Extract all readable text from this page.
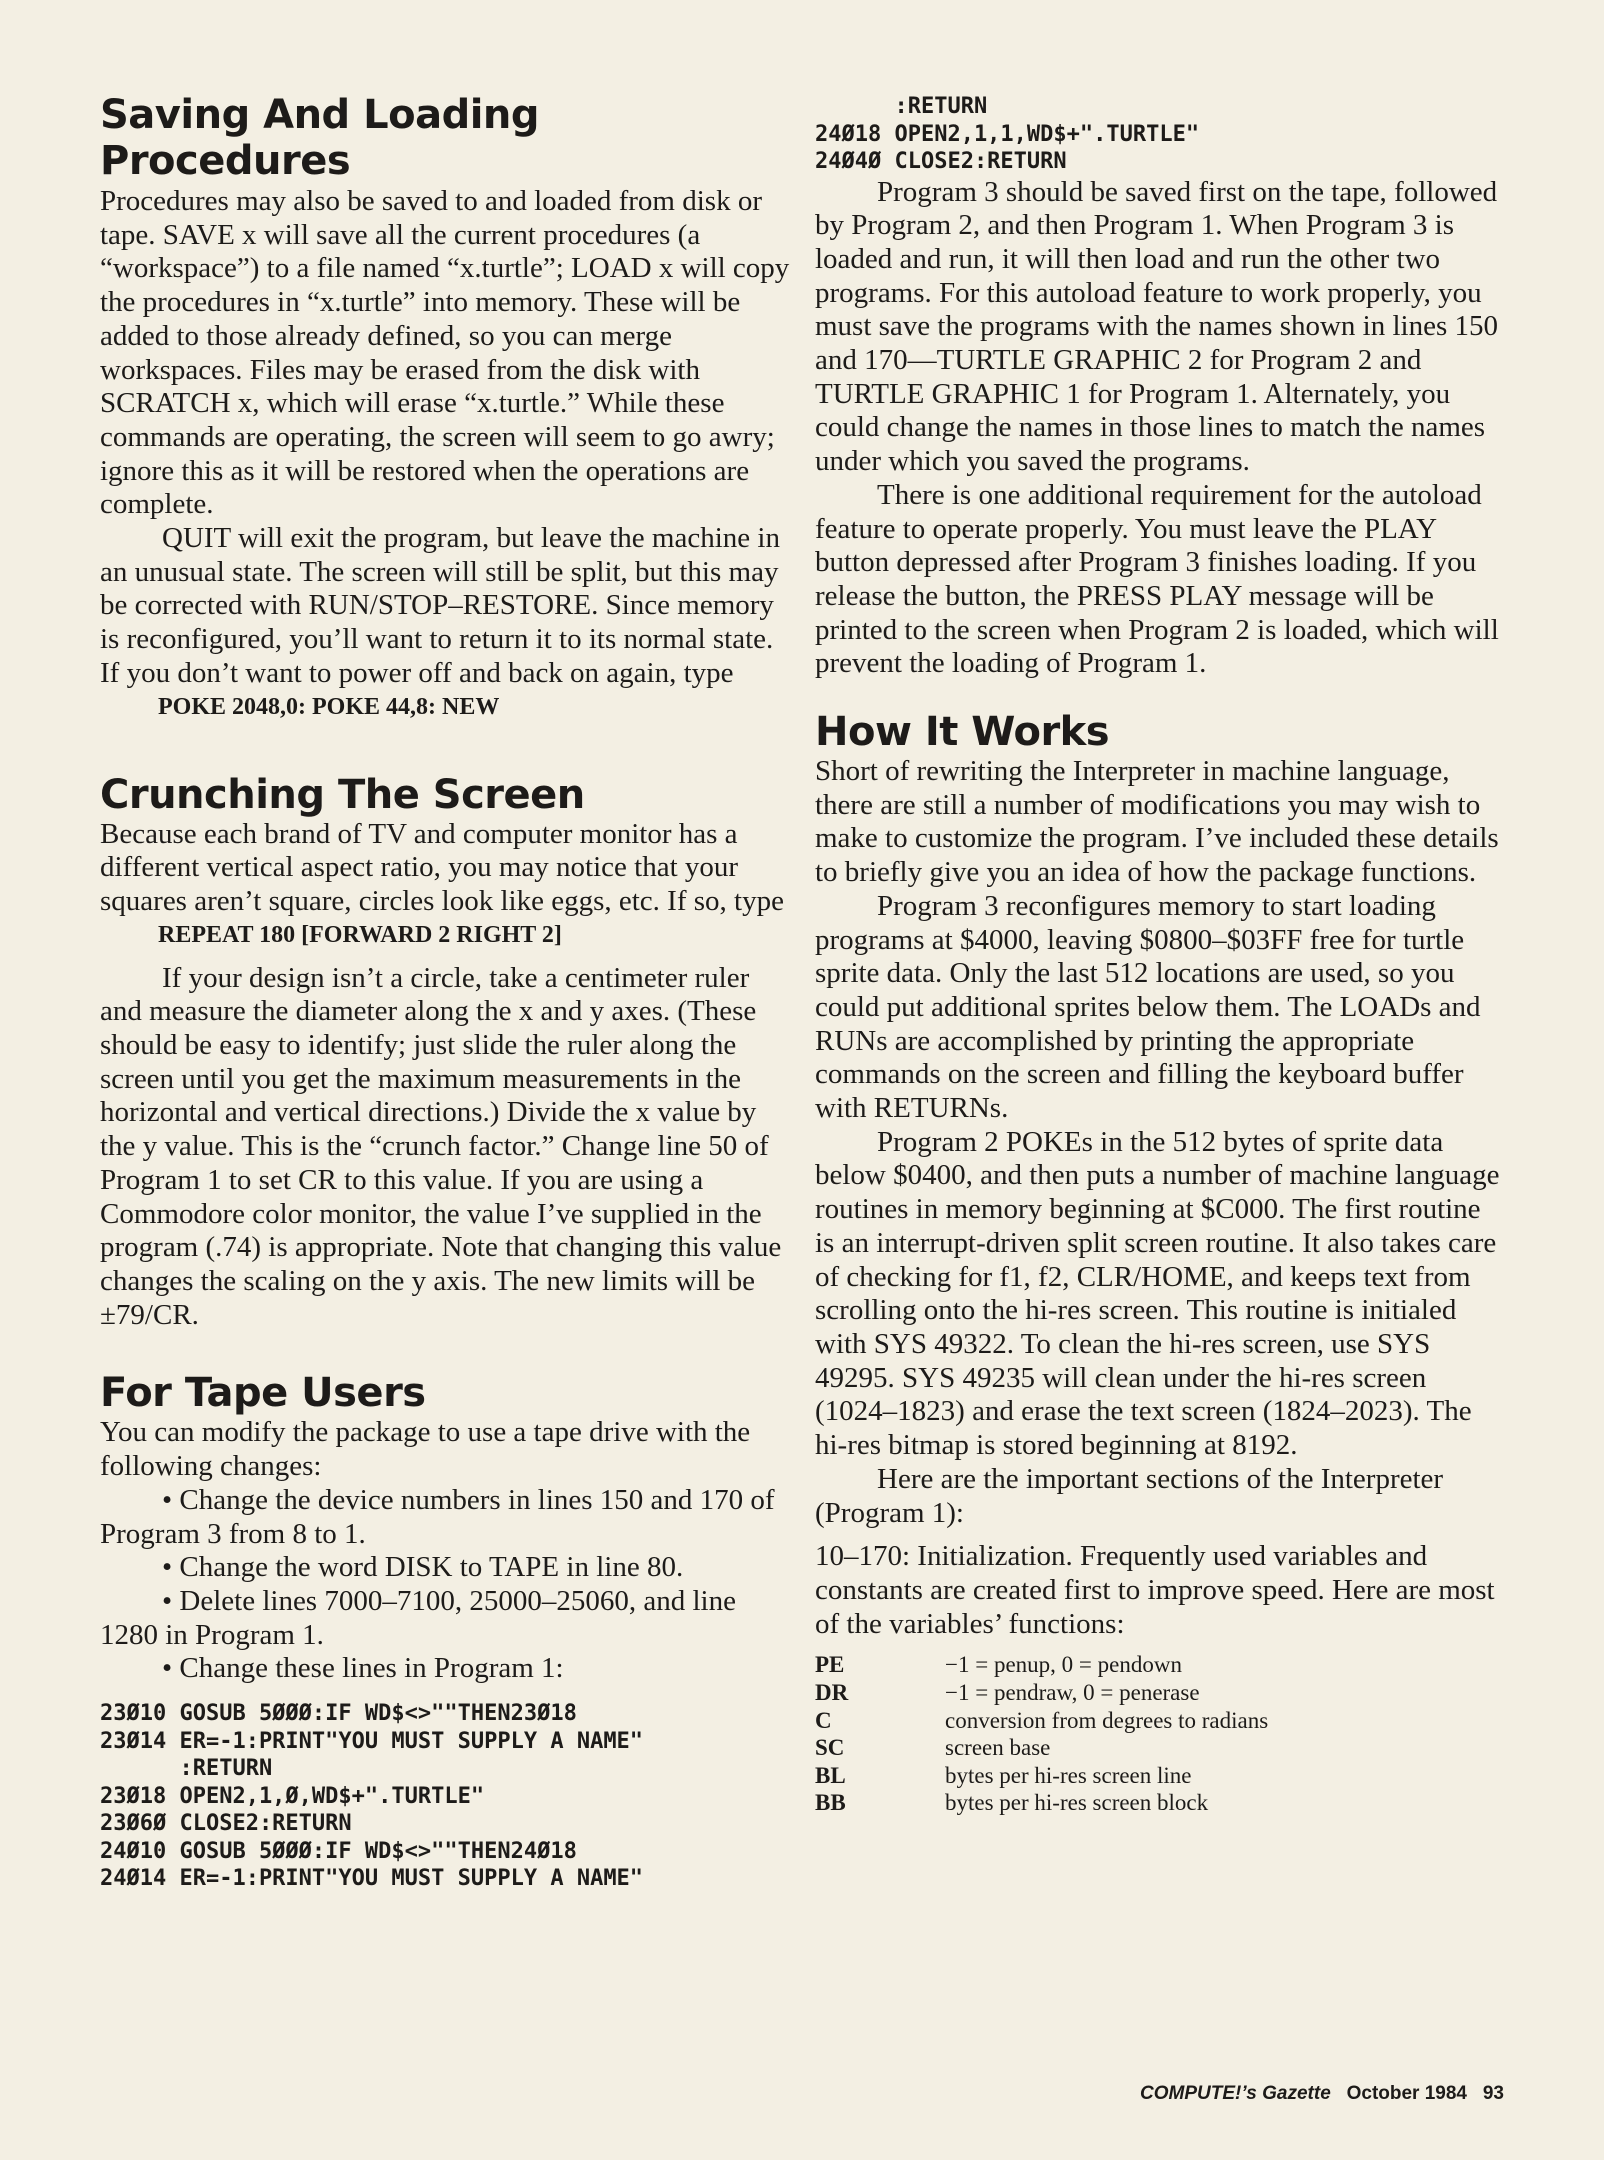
Saving And Loading Procedures

Procedures may also be saved to and loaded from disk or tape. SAVE x will save all the current procedures (a “workspace”) to a file named “x.turtle”; LOAD x will copy the procedures in “x.turtle” into memory. These will be added to those already defined, so you can merge workspaces. Files may be erased from the disk with SCRATCH x, which will erase “x.turtle.” While these commands are operating, the screen will seem to go awry; ignore this as it will be restored when the operations are complete.

QUIT will exit the program, but leave the machine in an unusual state. The screen will still be split, but this may be corrected with RUN/STOP–RESTORE. Since memory is reconfigured, you’ll want to return it to its normal state. If you don’t want to power off and back on again, type

POKE 2048,0: POKE 44,8: NEW

Crunching The Screen

Because each brand of TV and computer monitor has a different vertical aspect ratio, you may notice that your squares aren’t square, circles look like eggs, etc. If so, type

REPEAT 180 [FORWARD 2 RIGHT 2]

If your design isn’t a circle, take a centimeter ruler and measure the diameter along the x and y axes. (These should be easy to identify; just slide the ruler along the screen until you get the maximum measurements in the horizontal and vertical directions.) Divide the x value by the y value. This is the “crunch factor.” Change line 50 of Program 1 to set CR to this value. If you are using a Commodore color monitor, the value I’ve supplied in the program (.74) is appropriate. Note that changing this value changes the scaling on the y axis. The new limits will be ±79/CR.

For Tape Users

You can modify the package to use a tape drive with the following changes:

• Change the device numbers in lines 150 and 170 of Program 3 from 8 to 1.

• Change the word DISK to TAPE in line 80.

• Delete lines 7000–7100, 25000–25060, and line 1280 in Program 1.

• Change these lines in Program 1:

23Ø10 GOSUB 5ØØØ:IF WD$<>""THEN23Ø18
23Ø14 ER=-1:PRINT"YOU MUST SUPPLY A NAME"
:RETURN
23Ø18 OPEN2,1,Ø,WD$+".TURTLE"
23Ø6Ø CLOSE2:RETURN
24Ø10 GOSUB 5ØØØ:IF WD$<>""THEN24Ø18
24Ø14 ER=-1:PRINT"YOU MUST SUPPLY A NAME"
:RETURN
24Ø18 OPEN2,1,1,WD$+".TURTLE"
24Ø4Ø CLOSE2:RETURN

Program 3 should be saved first on the tape, followed by Program 2, and then Program 1. When Program 3 is loaded and run, it will then load and run the other two programs. For this autoload feature to work properly, you must save the programs with the names shown in lines 150 and 170—TURTLE GRAPHIC 2 for Program 2 and TURTLE GRAPHIC 1 for Program 1. Alternately, you could change the names in those lines to match the names under which you saved the programs.

There is one additional requirement for the autoload feature to operate properly. You must leave the PLAY button depressed after Program 3 finishes loading. If you release the button, the PRESS PLAY message will be printed to the screen when Program 2 is loaded, which will prevent the loading of Program 1.

How It Works

Short of rewriting the Interpreter in machine language, there are still a number of modifications you may wish to make to customize the program. I’ve included these details to briefly give you an idea of how the package functions.

Program 3 reconfigures memory to start loading programs at $4000, leaving $0800–$03FF free for turtle sprite data. Only the last 512 locations are used, so you could put additional sprites below them. The LOADs and RUNs are accomplished by printing the appropriate commands on the screen and filling the keyboard buffer with RETURNs.

Program 2 POKEs in the 512 bytes of sprite data below $0400, and then puts a number of machine language routines in memory beginning at $C000. The first routine is an interrupt-driven split screen routine. It also takes care of checking for f1, f2, CLR/HOME, and keeps text from scrolling onto the hi-res screen. This routine is initialed with SYS 49322. To clean the hi-res screen, use SYS 49295. SYS 49235 will clean under the hi-res screen (1024–1823) and erase the text screen (1824–2023). The hi-res bitmap is stored beginning at 8192.

Here are the important sections of the Interpreter (Program 1):

10–170: Initialization. Frequently used variables and constants are created first to improve speed. Here are most of the variables’ functions:

PE	−1 = penup, 0 = pendown
DR	−1 = pendraw, 0 = penerase
C	conversion from degrees to radians
SC	screen base
BL	bytes per hi-res screen line
BB	bytes per hi-res screen block
COMPUTE!’s Gazette October 1984 93
